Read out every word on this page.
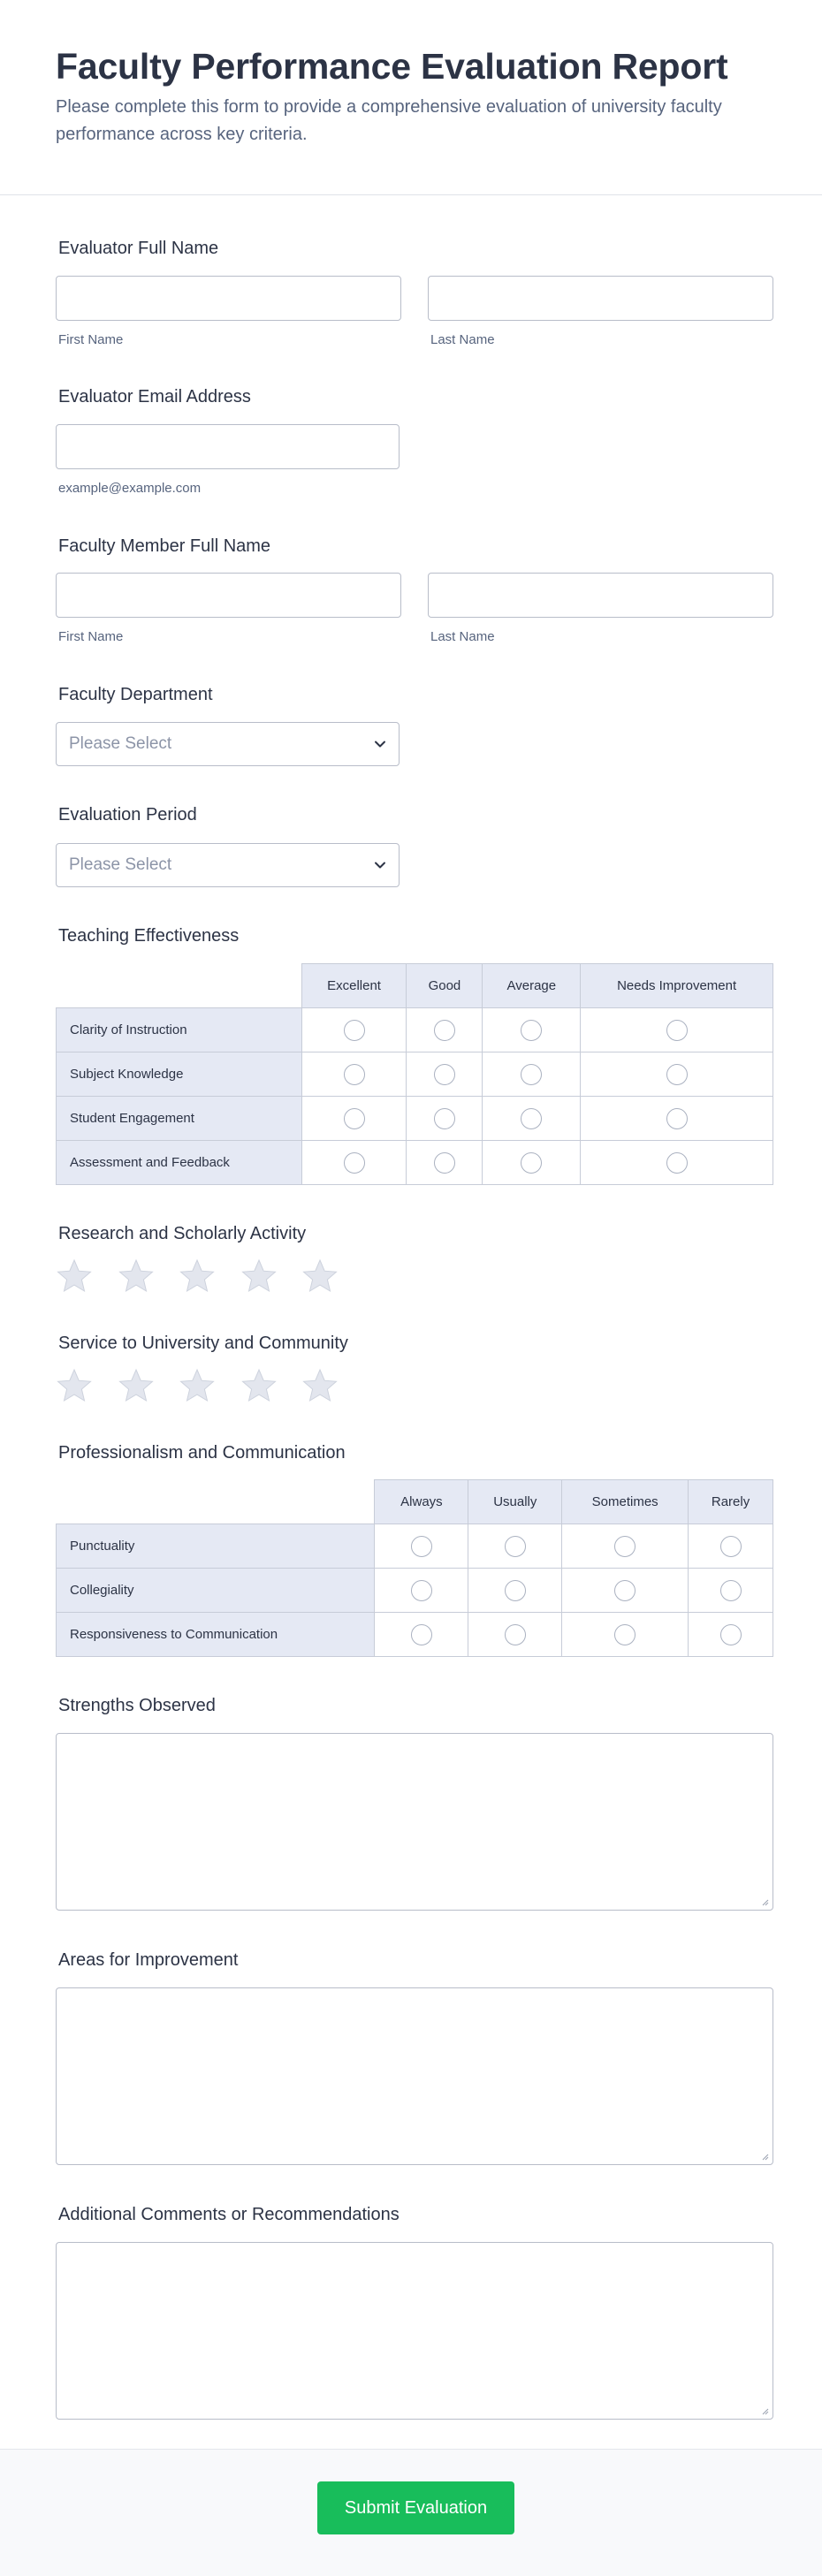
Faculty Performance Evaluation Report

Please complete this form to provide a comprehensive evaluation of university faculty performance across key criteria.

Evaluator Full Name
First Name	Last Name
Evaluator Email Address
example@example.com
Faculty Member Full Name
First Name	Last Name
Faculty Department
Please Select
Evaluation Period
Please Select
Teaching Effectiveness
	Excellent	Good	Average	Needs Improvement
Clarity of Instruction				
Subject Knowledge				
Student Engagement				
Assessment and Feedback				
Research and Scholarly Activity
Service to University and Community
Professionalism and Communication
	Always	Usually	Sometimes	Rarely
Punctuality				
Collegiality				
Responsiveness to Communication				
Strengths Observed
Areas for Improvement
Additional Comments or Recommendations
Submit Evaluation
